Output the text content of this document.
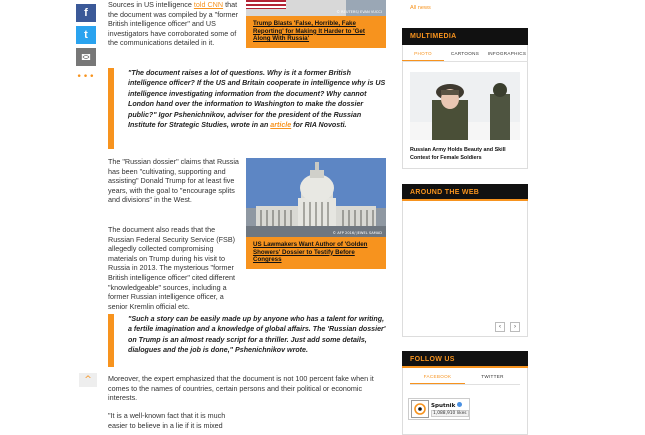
f
t
✉
•••
^
Sources in US intelligence told CNN that the document was compiled by a "former British intelligence officer" and US investigators have corroborated some of the communications detailed in it.
"The document raises a lot of questions. Why is it a former British intelligence officer? If the US and Britain cooperate in intelligence why is US intelligence investigating information from the document? Why cannot London hand over the information to Washington to make the dossier public?" Igor Pshenichnikov, adviser for the president of the Russian Institute for Strategic Studies, wrote in an article for RIA Novosti.
The "Russian dossier" claims that Russia has been "cultivating, supporting and assisting" Donald Trump for at least five years, with the goal to "encourage splits and divisions" in the West.
The document also reads that the Russian Federal Security Service (FSB) allegedly collected compromising materials on Trump during his visit to Russia in 2013. The mysterious "former British intelligence officer" cited different "knowledgeable" sources, including a former Russian intelligence officer, a senior Kremlin official etc.
"Such a story can be easily made up by anyone who has a talent for writing, a fertile imagination and a knowledge of global affairs. The 'Russian dossier' on Trump is an almost ready script for a thriller. Just add some details, dialogues and the job is done," Pshenichnikov wrote.
Moreover, the expert emphasized that the document is not 100 percent fake when it comes to the names of countries, certain persons and their political or economic interests.
"It is a well-known fact that it is much easier to believe in a lie if it is mixed
© REUTERS/ EVAN VUCCI
Trump Blasts 'False, Horrible, Fake Reporting' for Making It Harder to 'Get Along With Russia'
© AFP 2016/ JEWEL SAMAD
US Lawmakers Want Author of 'Golden Showers' Dossier to Testify Before Congress
All news
MULTIMEDIA
PHOTO	CARTOONS	INFOGRAPHICS
Russian Army Holds Beauty and Skill Contest for Female Soldiers
AROUND THE WEB
‹ ›
FOLLOW US
FACEBOOK	TWITTER
Sputnik
1,088,910 likes
